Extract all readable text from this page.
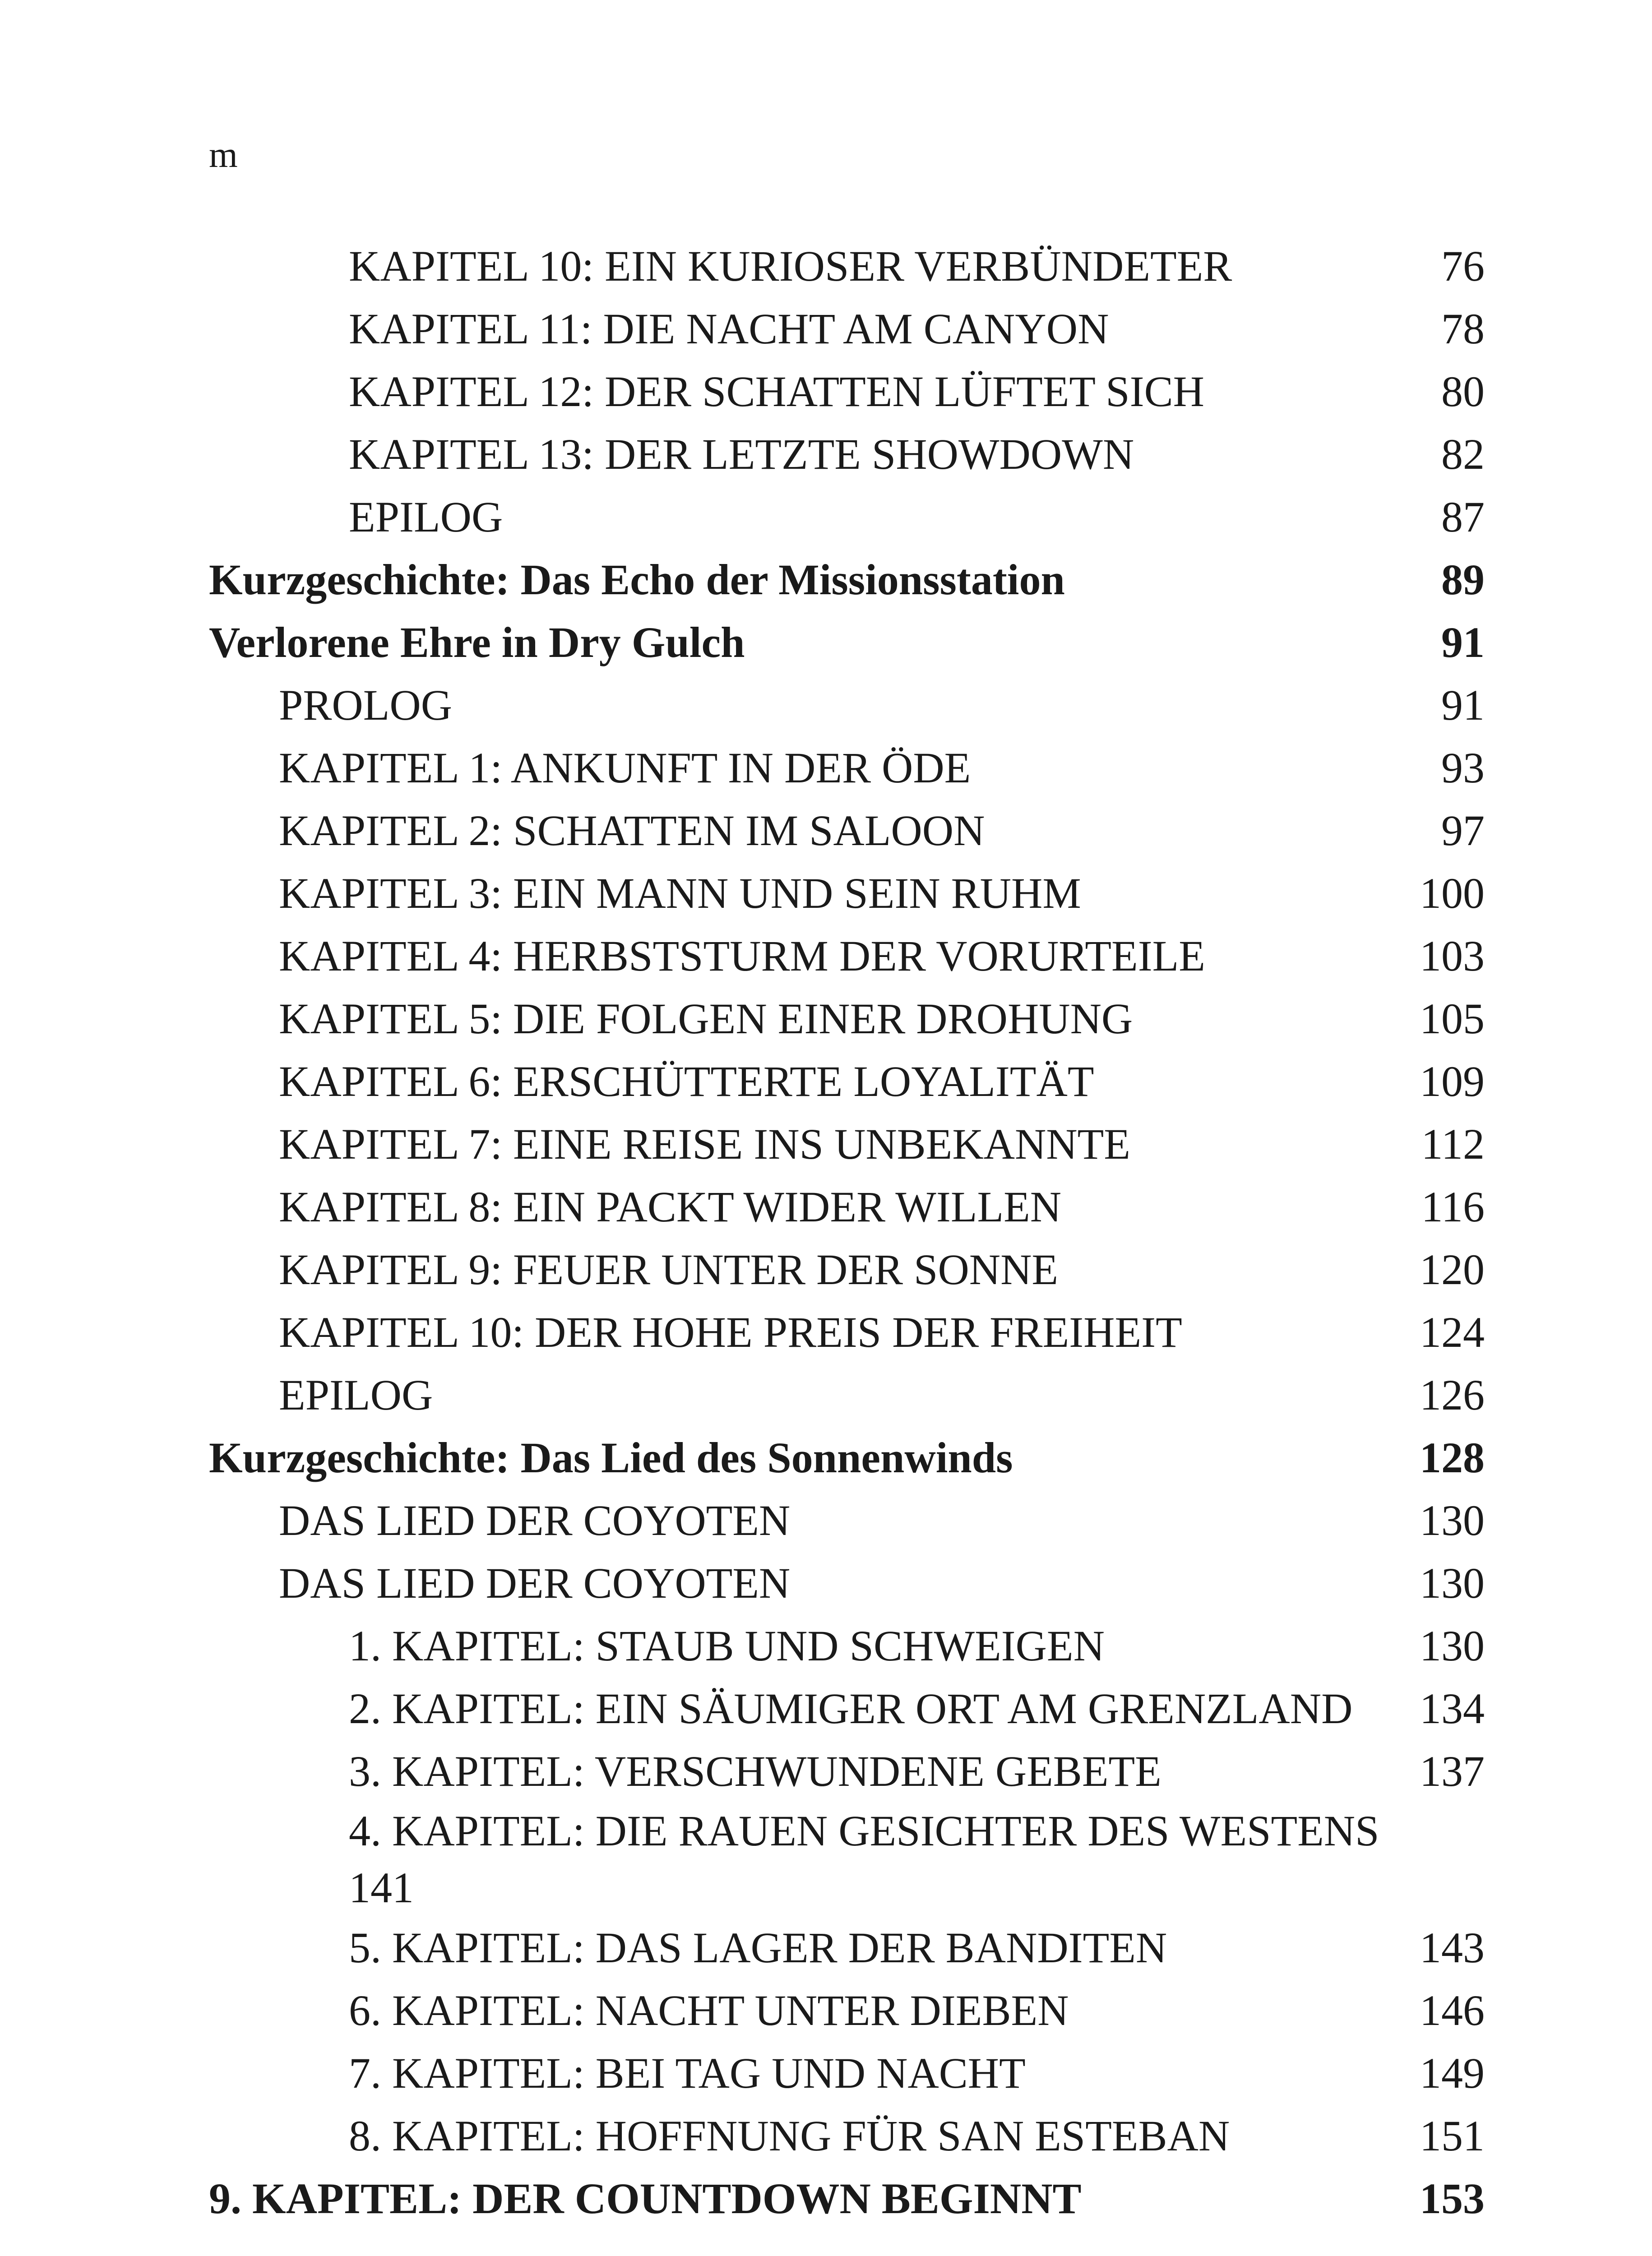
m
KAPITEL 10: EIN KURIOSER VERBÜNDETER	76
KAPITEL 11: DIE NACHT AM CANYON	78
KAPITEL 12: DER SCHATTEN LÜFTET SICH	80
KAPITEL 13: DER LETZTE SHOWDOWN	82
EPILOG	87
Kurzgeschichte: Das Echo der Missionsstation	89
Verlorene Ehre in Dry Gulch	91
PROLOG	91
KAPITEL 1: ANKUNFT IN DER ÖDE	93
KAPITEL 2: SCHATTEN IM SALOON	97
KAPITEL 3: EIN MANN UND SEIN RUHM	100
KAPITEL 4: HERBSTSTURM DER VORURTEILE	103
KAPITEL 5: DIE FOLGEN EINER DROHUNG	105
KAPITEL 6: ERSCHÜTTERTE LOYALITÄT	109
KAPITEL 7: EINE REISE INS UNBEKANNTE	112
KAPITEL 8: EIN PACKT WIDER WILLEN	116
KAPITEL 9: FEUER UNTER DER SONNE	120
KAPITEL 10: DER HOHE PREIS DER FREIHEIT	124
EPILOG	126
Kurzgeschichte: Das Lied des Sonnenwinds	128
DAS LIED DER COYOTEN	130
DAS LIED DER COYOTEN	130
1. KAPITEL: STAUB UND SCHWEIGEN	130
2. KAPITEL: EIN SÄUMIGER ORT AM GRENZLAND 134
3. KAPITEL: VERSCHWUNDENE GEBETE	137
4. KAPITEL: DIE RAUEN GESICHTER DES WESTENS
141
5. KAPITEL: DAS LAGER DER BANDITEN	143
6. KAPITEL: NACHT UNTER DIEBEN	146
7. KAPITEL: BEI TAG UND NACHT	149
8. KAPITEL: HOFFNUNG FÜR SAN ESTEBAN	151
9. KAPITEL: DER COUNTDOWN BEGINNT	153
